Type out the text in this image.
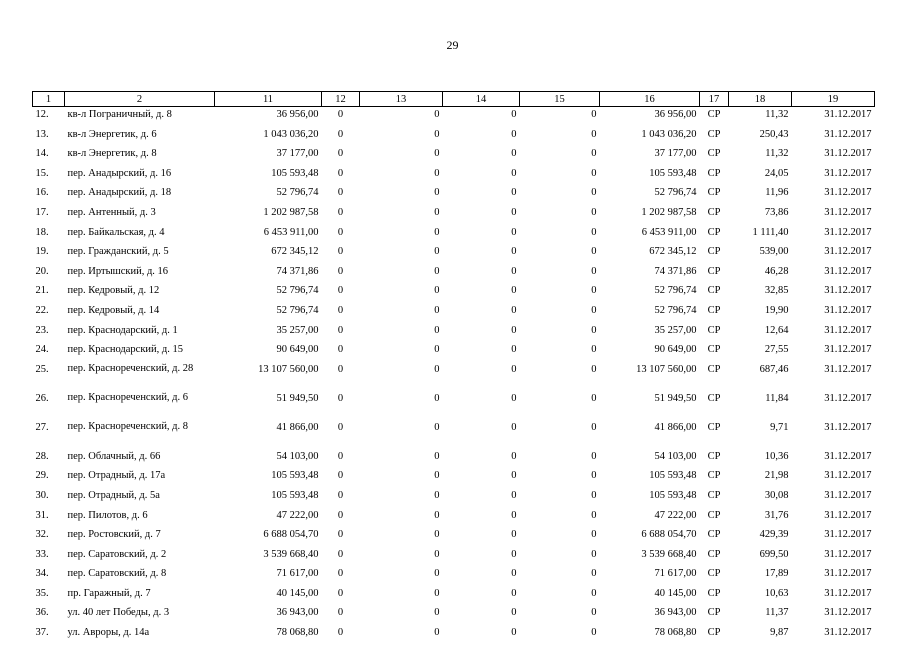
29
1	2	11	12	13	14	15	16	17	18	19
12.	кв-л Пограничный, д. 8	36 956,00	0	0	0	0	36 956,00	СР	11,32	31.12.2017
13.	кв-л Энергетик, д. 6	1 043 036,20	0	0	0	0	1 043 036,20	СР	250,43	31.12.2017
14.	кв-л Энергетик, д. 8	37 177,00	0	0	0	0	37 177,00	СР	11,32	31.12.2017
15.	пер. Анадырский, д. 16	105 593,48	0	0	0	0	105 593,48	СР	24,05	31.12.2017
16.	пер. Анадырский, д. 18	52 796,74	0	0	0	0	52 796,74	СР	11,96	31.12.2017
17.	пер. Антенный, д. 3	1 202 987,58	0	0	0	0	1 202 987,58	СР	73,86	31.12.2017
18.	пер. Байкальская, д. 4	6 453 911,00	0	0	0	0	6 453 911,00	СР	1 111,40	31.12.2017
19.	пер. Гражданский, д. 5	672 345,12	0	0	0	0	672 345,12	СР	539,00	31.12.2017
20.	пер. Иртышский, д. 16	74 371,86	0	0	0	0	74 371,86	СР	46,28	31.12.2017
21.	пер. Кедровый, д. 12	52 796,74	0	0	0	0	52 796,74	СР	32,85	31.12.2017
22.	пер. Кедровый, д. 14	52 796,74	0	0	0	0	52 796,74	СР	19,90	31.12.2017
23.	пер. Краснодарский, д. 1	35 257,00	0	0	0	0	35 257,00	СР	12,64	31.12.2017
24.	пер. Краснодарский, д. 15	90 649,00	0	0	0	0	90 649,00	СР	27,55	31.12.2017
25.	пер. Краснореченский, д. 28	13 107 560,00	0	0	0	0	13 107 560,00	СР	687,46	31.12.2017
26.	пер. Краснореченский, д. 6	51 949,50	0	0	0	0	51 949,50	СР	11,84	31.12.2017
27.	пер. Краснореченский, д. 8	41 866,00	0	0	0	0	41 866,00	СР	9,71	31.12.2017
28.	пер. Облачный, д. 66	54 103,00	0	0	0	0	54 103,00	СР	10,36	31.12.2017
29.	пер. Отрадный, д. 17а	105 593,48	0	0	0	0	105 593,48	СР	21,98	31.12.2017
30.	пер. Отрадный, д. 5а	105 593,48	0	0	0	0	105 593,48	СР	30,08	31.12.2017
31.	пер. Пилотов, д. 6	47 222,00	0	0	0	0	47 222,00	СР	31,76	31.12.2017
32.	пер. Ростовский, д. 7	6 688 054,70	0	0	0	0	6 688 054,70	СР	429,39	31.12.2017
33.	пер. Саратовский, д. 2	3 539 668,40	0	0	0	0	3 539 668,40	СР	699,50	31.12.2017
34.	пер. Саратовский, д. 8	71 617,00	0	0	0	0	71 617,00	СР	17,89	31.12.2017
35.	пр. Гаражный, д. 7	40 145,00	0	0	0	0	40 145,00	СР	10,63	31.12.2017
36.	ул. 40 лет Победы, д. 3	36 943,00	0	0	0	0	36 943,00	СР	11,37	31.12.2017
37.	ул. Авроры, д. 14а	78 068,80	0	0	0	0	78 068,80	СР	9,87	31.12.2017
